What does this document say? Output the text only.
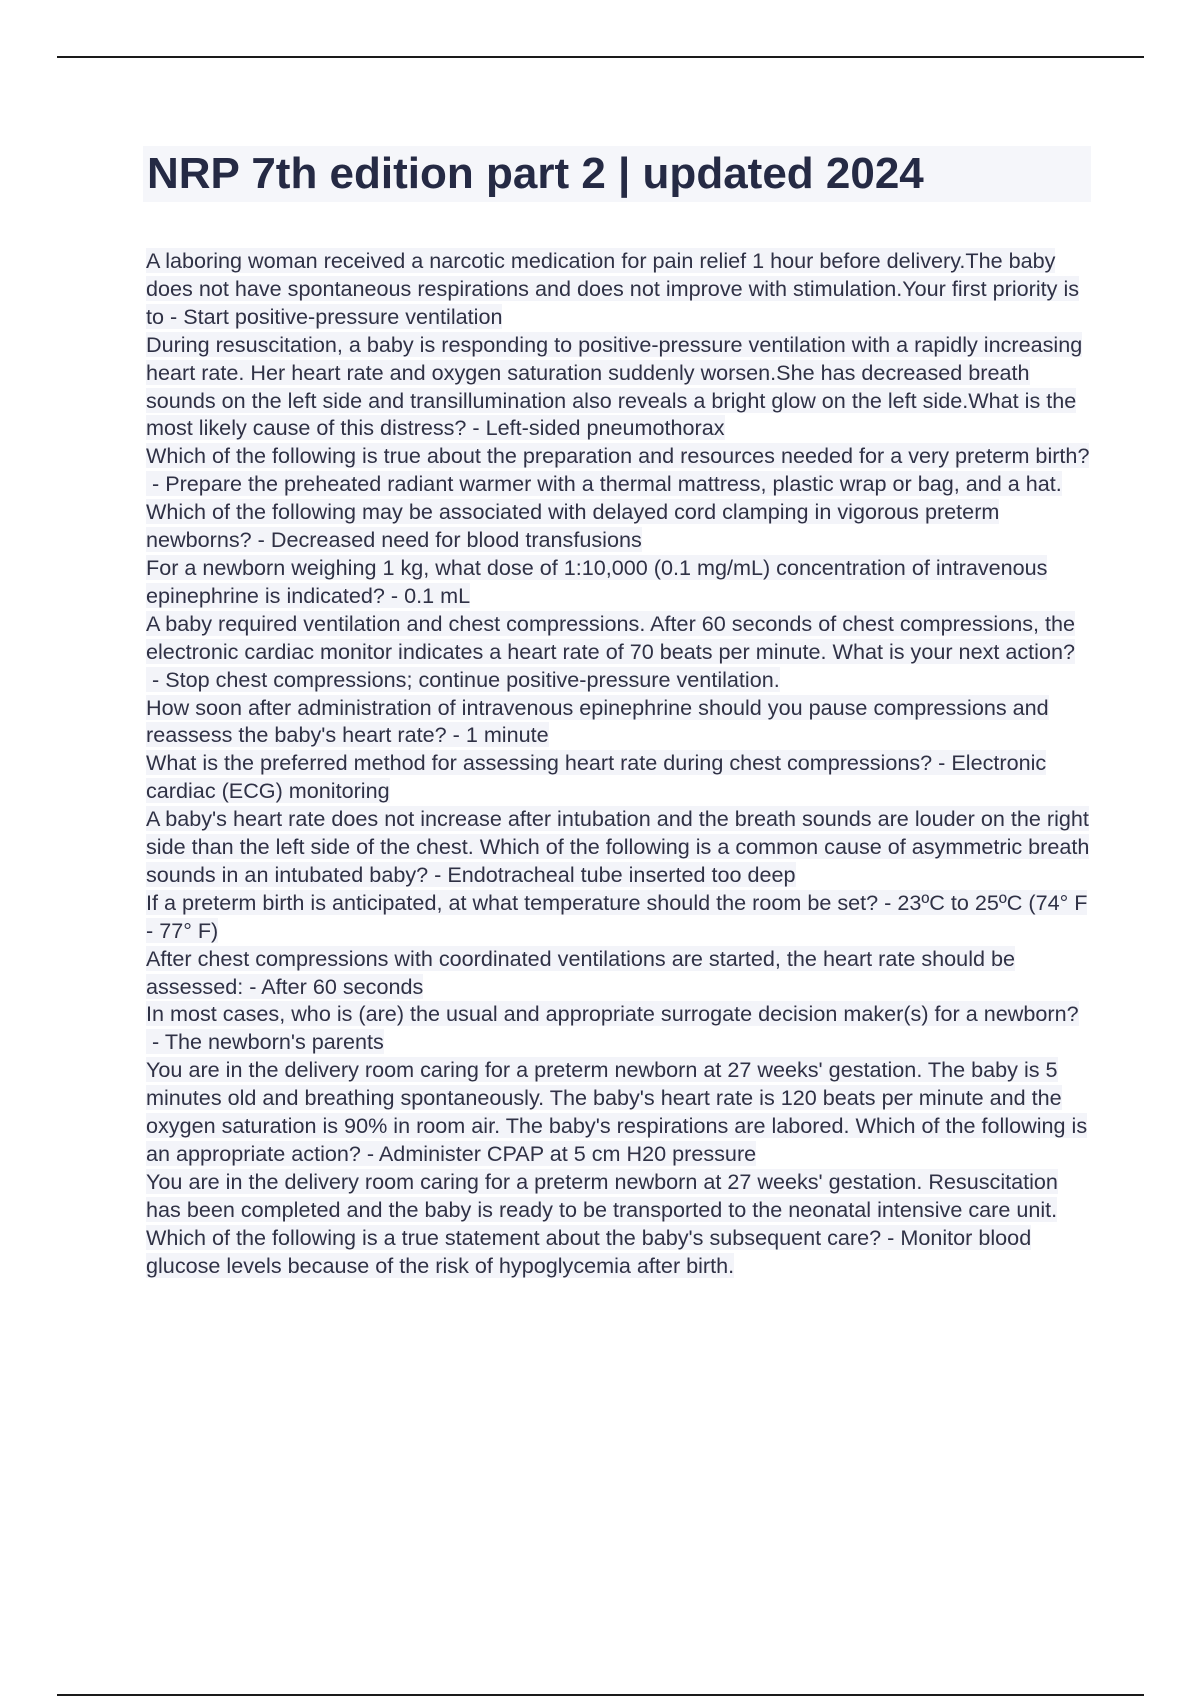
NRP 7th edition part 2 | updated 2024

A laboring woman received a narcotic medication for pain relief 1 hour before delivery.The baby does not have spontaneous respirations and does not improve with stimulation.Your first priority is to - Start positive-pressure ventilation

During resuscitation, a baby is responding to positive-pressure ventilation with a rapidly increasing heart rate. Her heart rate and oxygen saturation suddenly worsen.She has decreased breath sounds on the left side and transillumination also reveals a bright glow on the left side.What is the most likely cause of this distress? - Left-sided pneumothorax

Which of the following is true about the preparation and resources needed for a very preterm birth? - Prepare the preheated radiant warmer with a thermal mattress, plastic wrap or bag, and a hat.

Which of the following may be associated with delayed cord clamping in vigorous preterm newborns? - Decreased need for blood transfusions

For a newborn weighing 1 kg, what dose of 1:10,000 (0.1 mg/mL) concentration of intravenous epinephrine is indicated? - 0.1 mL

A baby required ventilation and chest compressions. After 60 seconds of chest compressions, the electronic cardiac monitor indicates a heart rate of 70 beats per minute. What is your next action? - Stop chest compressions; continue positive-pressure ventilation.

How soon after administration of intravenous epinephrine should you pause compressions and reassess the baby's heart rate? - 1 minute

What is the preferred method for assessing heart rate during chest compressions? - Electronic cardiac (ECG) monitoring

A baby's heart rate does not increase after intubation and the breath sounds are louder on the right side than the left side of the chest. Which of the following is a common cause of asymmetric breath sounds in an intubated baby? - Endotracheal tube inserted too deep

If a preterm birth is anticipated, at what temperature should the room be set? - 23ºC to 25ºC (74° F - 77° F)

After chest compressions with coordinated ventilations are started, the heart rate should be assessed: - After 60 seconds

In most cases, who is (are) the usual and appropriate surrogate decision maker(s) for a newborn? - The newborn's parents

You are in the delivery room caring for a preterm newborn at 27 weeks' gestation. The baby is 5 minutes old and breathing spontaneously. The baby's heart rate is 120 beats per minute and the oxygen saturation is 90% in room air. The baby's respirations are labored. Which of the following is an appropriate action? - Administer CPAP at 5 cm H20 pressure

You are in the delivery room caring for a preterm newborn at 27 weeks' gestation. Resuscitation has been completed and the baby is ready to be transported to the neonatal intensive care unit. Which of the following is a true statement about the baby's subsequent care? - Monitor blood glucose levels because of the risk of hypoglycemia after birth.
